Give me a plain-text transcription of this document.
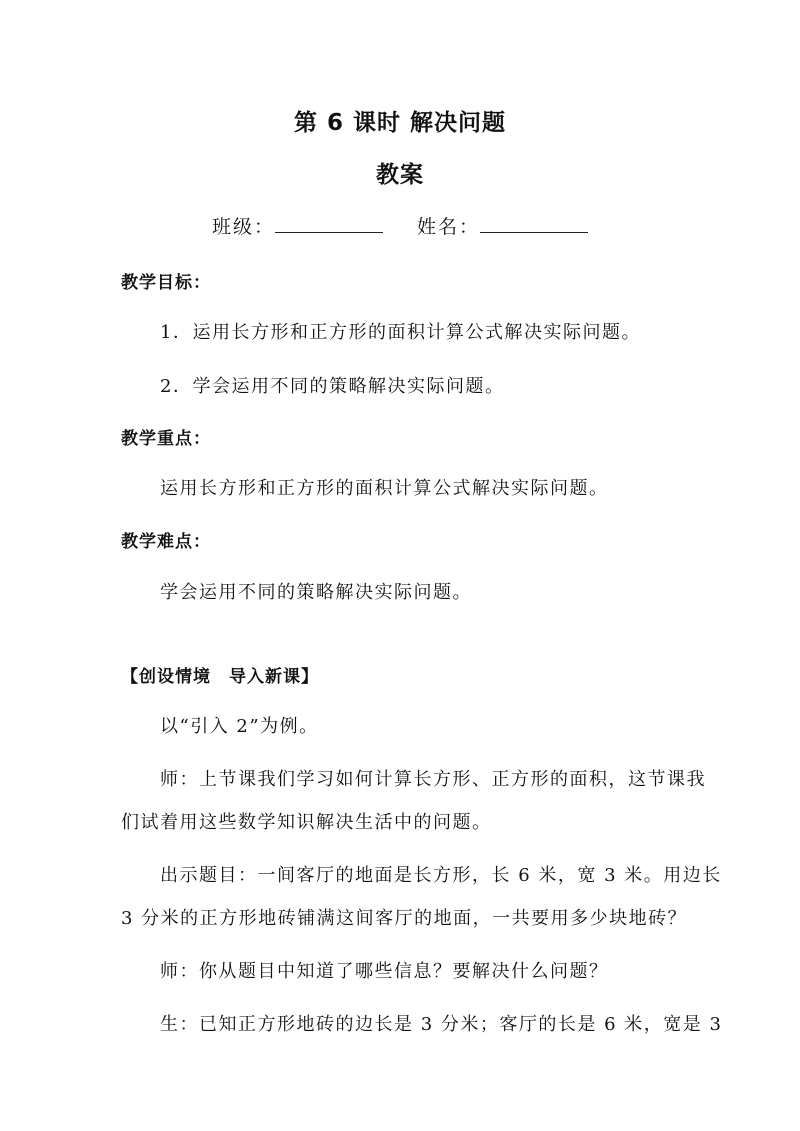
第 6 课时 解决问题
教案
班级：	姓名：
教学目标：
1．运用长方形和正方形的面积计算公式解决实际问题。
2．学会运用不同的策略解决实际问题。
教学重点：
运用长方形和正方形的面积计算公式解决实际问题。
教学难点：
学会运用不同的策略解决实际问题。
【创设情境　导入新课】
以“引入 2”为例。
师：上节课我们学习如何计算长方形、正方形的面积，这节课我
们试着用这些数学知识解决生活中的问题。
出示题目：一间客厅的地面是长方形，长 6 米，宽 3 米。用边长
3 分米的正方形地砖铺满这间客厅的地面，一共要用多少块地砖？
师：你从题目中知道了哪些信息？要解决什么问题？
生：已知正方形地砖的边长是 3 分米；客厅的长是 6 米，宽是 3
